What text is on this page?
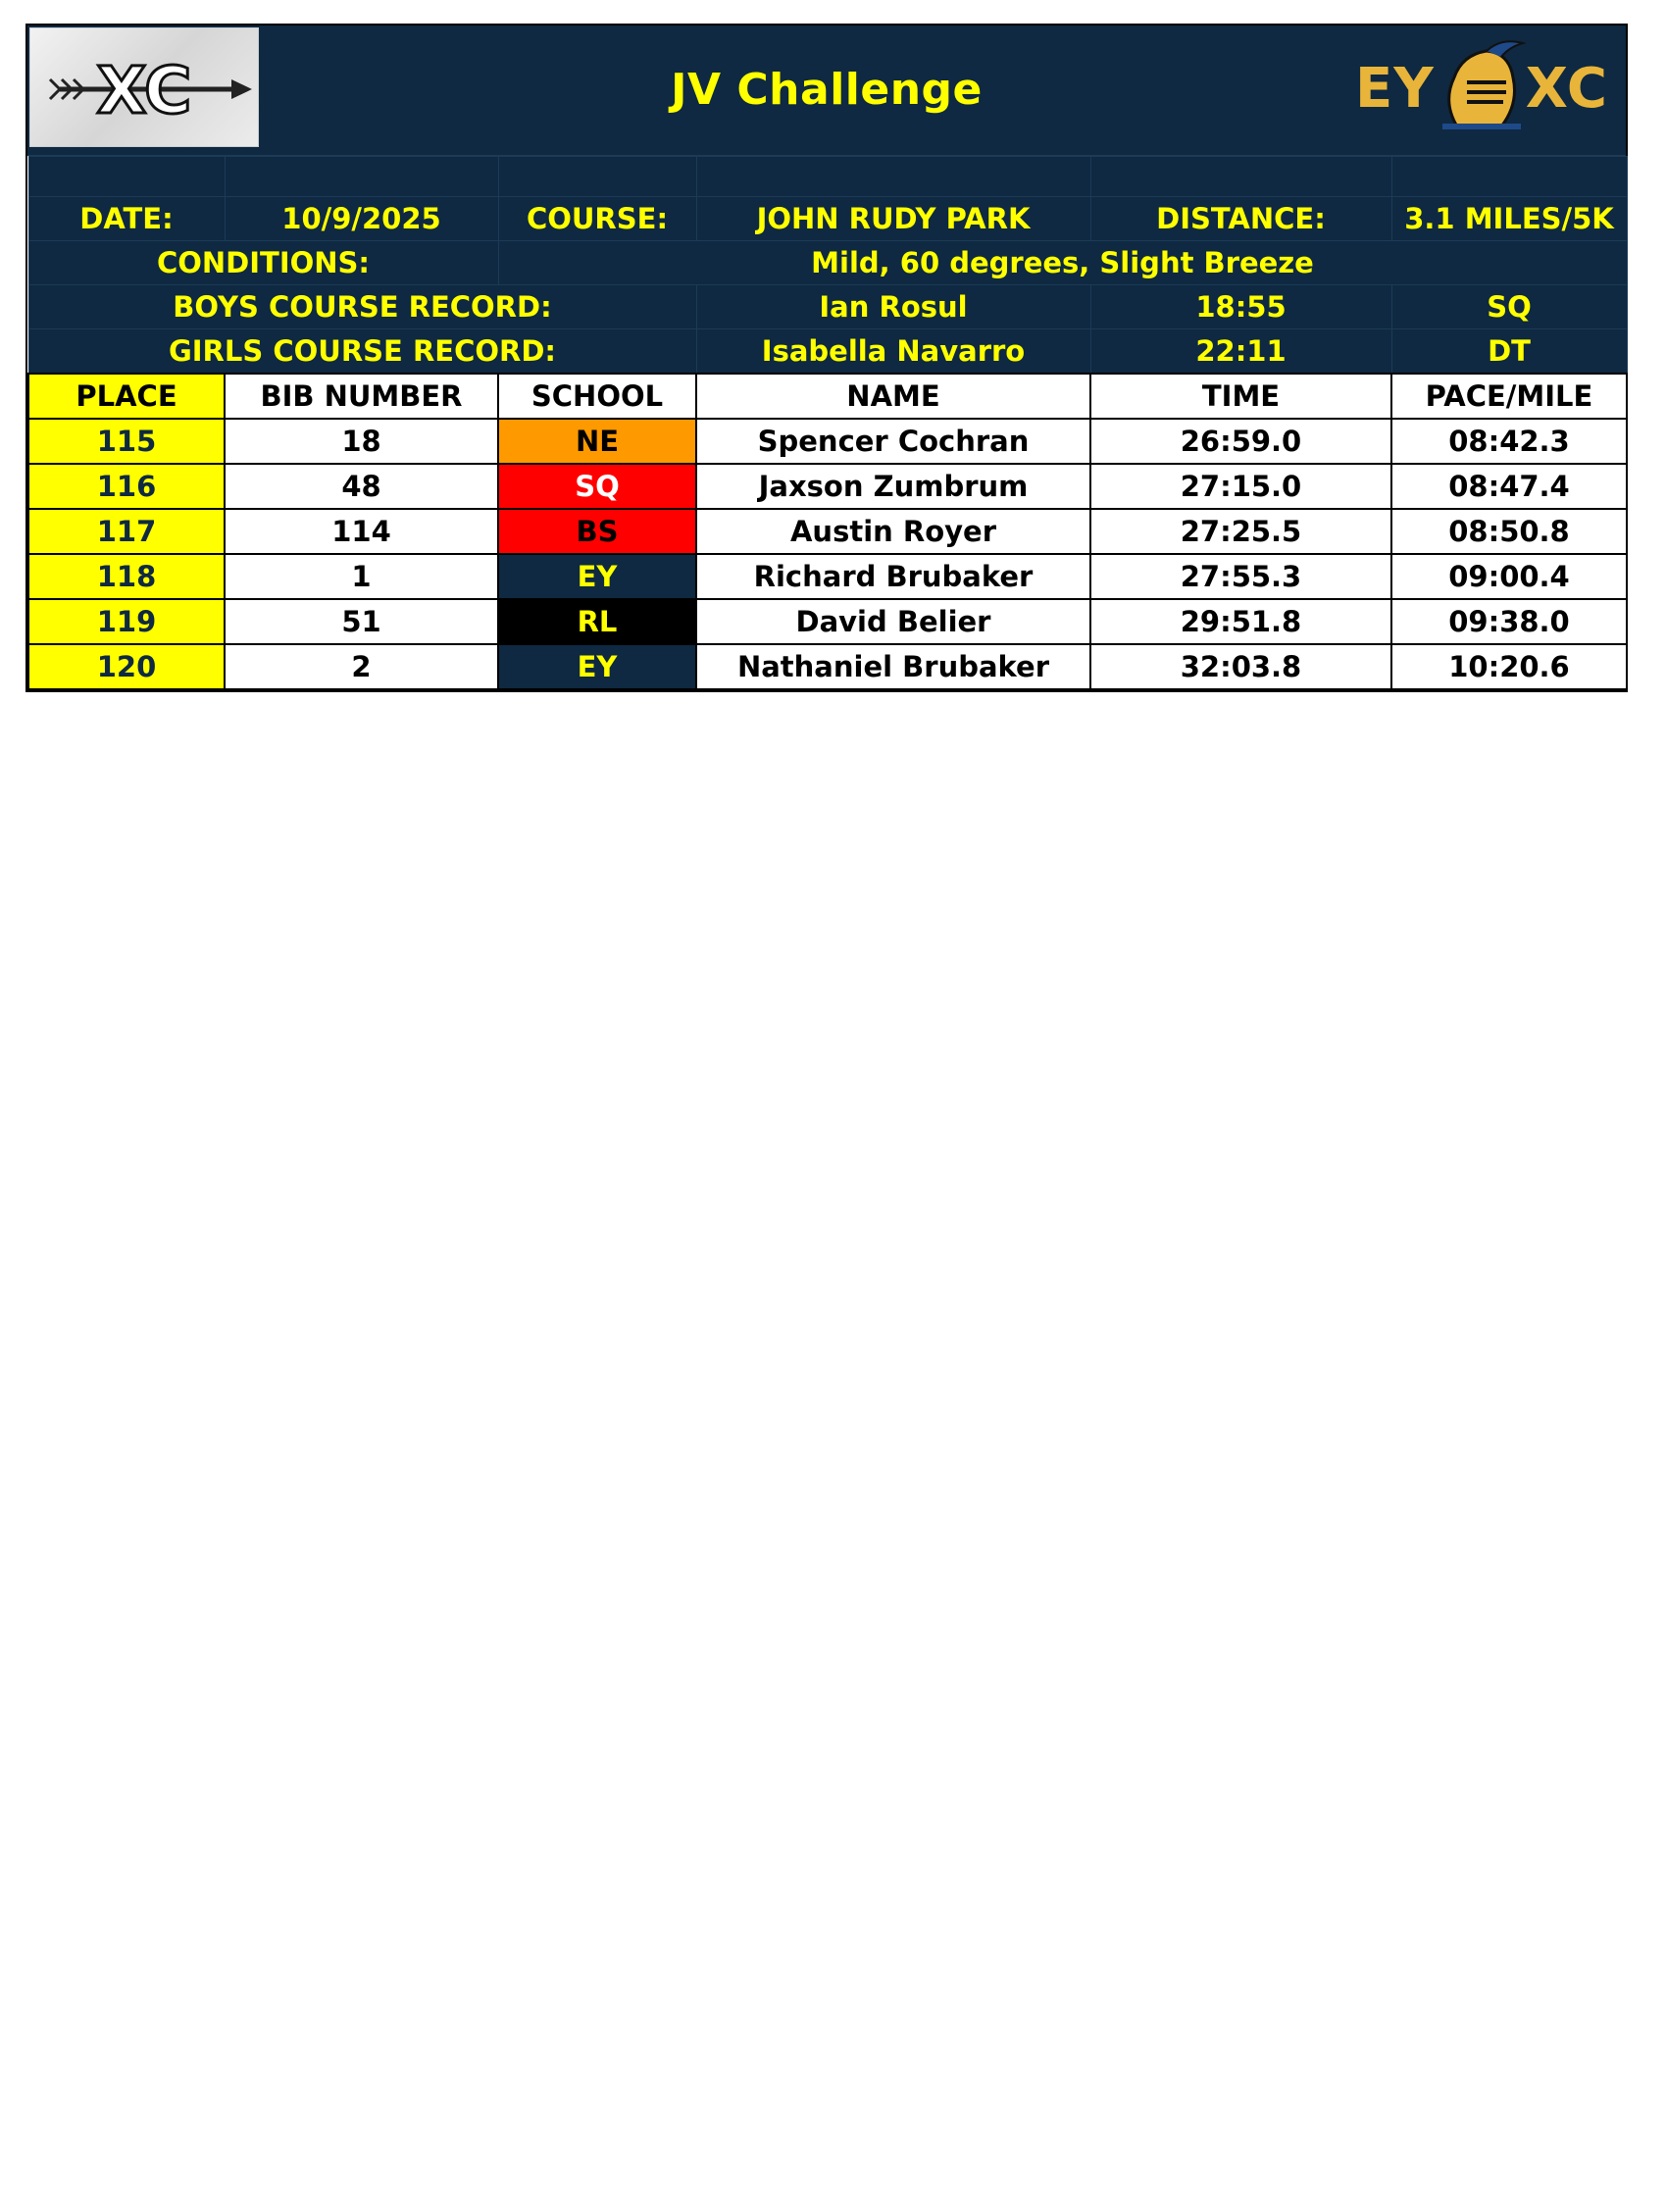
XC	JV Challenge	EY XC

DATE:	10/9/2025	COURSE:	JOHN RUDY PARK	DISTANCE:	3.1 MILES/5K
CONDITIONS:		Mild, 60 degrees, Slight Breeze			
BOYS COURSE RECORD:			Ian Rosul	18:55	SQ
GIRLS COURSE RECORD:			Isabella Navarro	22:11	DT
PLACE	BIB NUMBER	SCHOOL	NAME	TIME	PACE/MILE
115	18	NE	Spencer Cochran	26:59.0	08:42.3
116	48	SQ	Jaxson Zumbrum	27:15.0	08:47.4
117	114	BS	Austin Royer	27:25.5	08:50.8
118	1	EY	Richard Brubaker	27:55.3	09:00.4
119	51	RL	David Belier	29:51.8	09:38.0
120	2	EY	Nathaniel Brubaker	32:03.8	10:20.6
